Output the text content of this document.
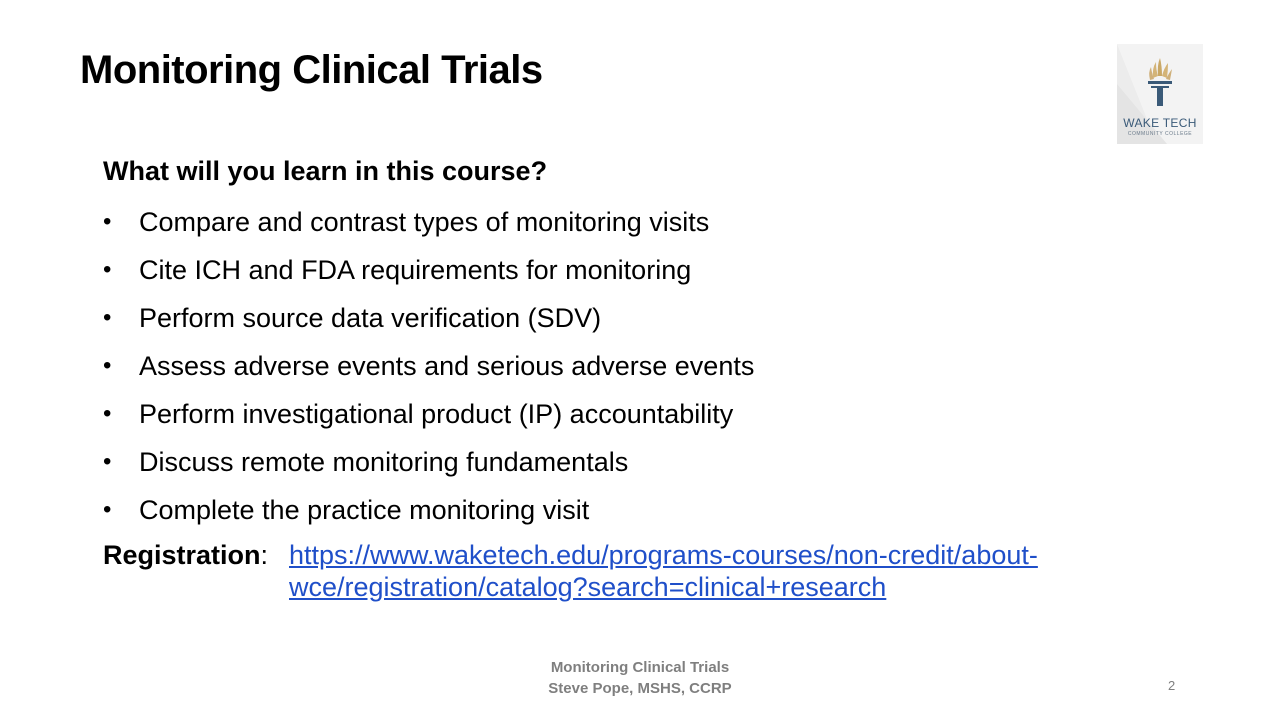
Monitoring Clinical Trials
WAKE TECH
COMMUNITY COLLEGE
What will you learn in this course?
• Compare and contrast types of monitoring visits
• Cite ICH and FDA requirements for monitoring
• Perform source data verification (SDV)
• Assess adverse events and serious adverse events
• Perform investigational product (IP) accountability
• Discuss remote monitoring fundamentals
• Complete the practice monitoring visit
Registration: https://www.waketech.edu/programs-courses/non-credit/about-
wce/registration/catalog?search=clinical+research
Monitoring Clinical Trials
Steve Pope, MSHS, CCRP	2
